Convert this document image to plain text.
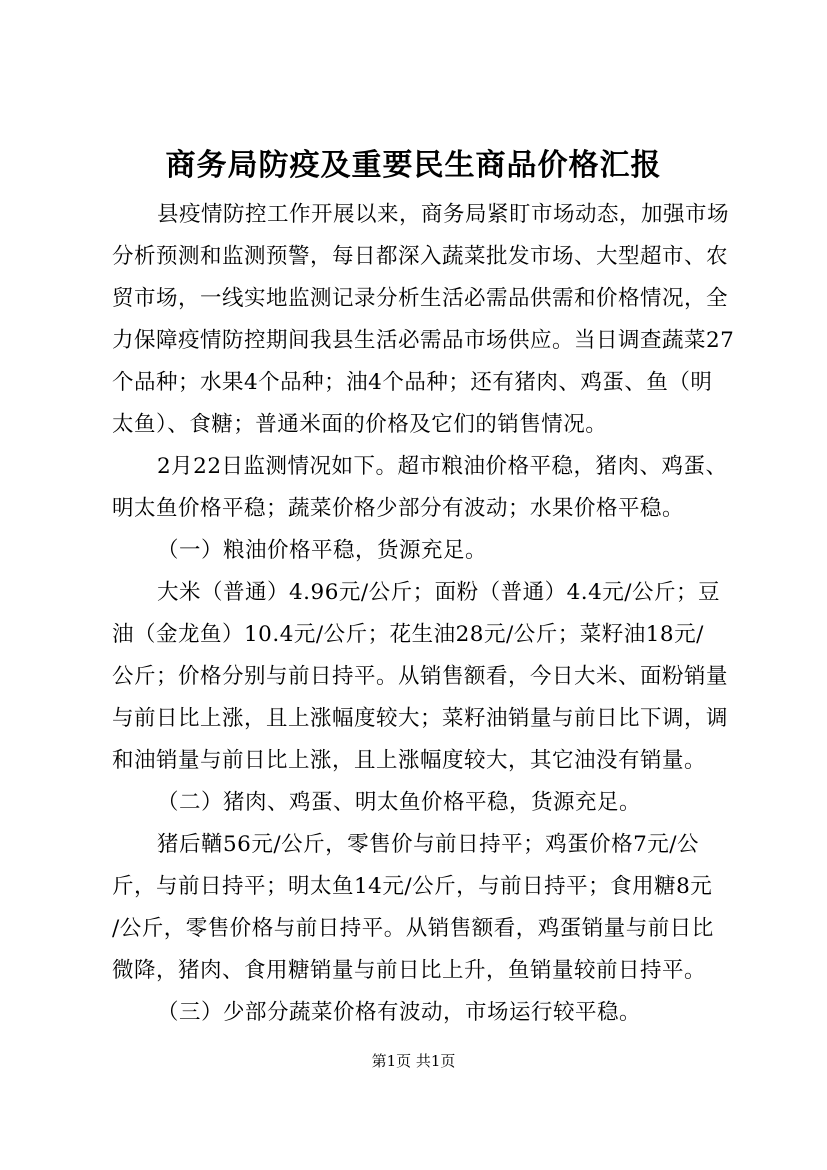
商务局防疫及重要民生商品价格汇报
县疫情防控工作开展以来，商务局紧盯市场动态，加强市场
分析预测和监测预警，每日都深入蔬菜批发市场、大型超市、农
贸市场，一线实地监测记录分析生活必需品供需和价格情况，全
力保障疫情防控期间我县生活必需品市场供应。当日调查蔬菜27
个品种；水果4个品种；油4个品种；还有猪肉、鸡蛋、鱼（明
太鱼）、食糖；普通米面的价格及它们的销售情况。
2月22日监测情况如下。超市粮油价格平稳，猪肉、鸡蛋、
明太鱼价格平稳；蔬菜价格少部分有波动；水果价格平稳。
（一）粮油价格平稳，货源充足。
大米（普通）4.96元/公斤；面粉（普通）4.4元/公斤；豆
油（金龙鱼）10.4元/公斤；花生油28元/公斤；菜籽油18元/
公斤；价格分别与前日持平。从销售额看，今日大米、面粉销量
与前日比上涨，且上涨幅度较大；菜籽油销量与前日比下调，调
和油销量与前日比上涨，且上涨幅度较大，其它油没有销量。
（二）猪肉、鸡蛋、明太鱼价格平稳，货源充足。
猪后鞧56元/公斤，零售价与前日持平；鸡蛋价格7元/公
斤，与前日持平；明太鱼14元/公斤，与前日持平；食用糖8元
/公斤，零售价格与前日持平。从销售额看，鸡蛋销量与前日比
微降，猪肉、食用糖销量与前日比上升，鱼销量较前日持平。
（三）少部分蔬菜价格有波动，市场运行较平稳。
第1页 共1页
